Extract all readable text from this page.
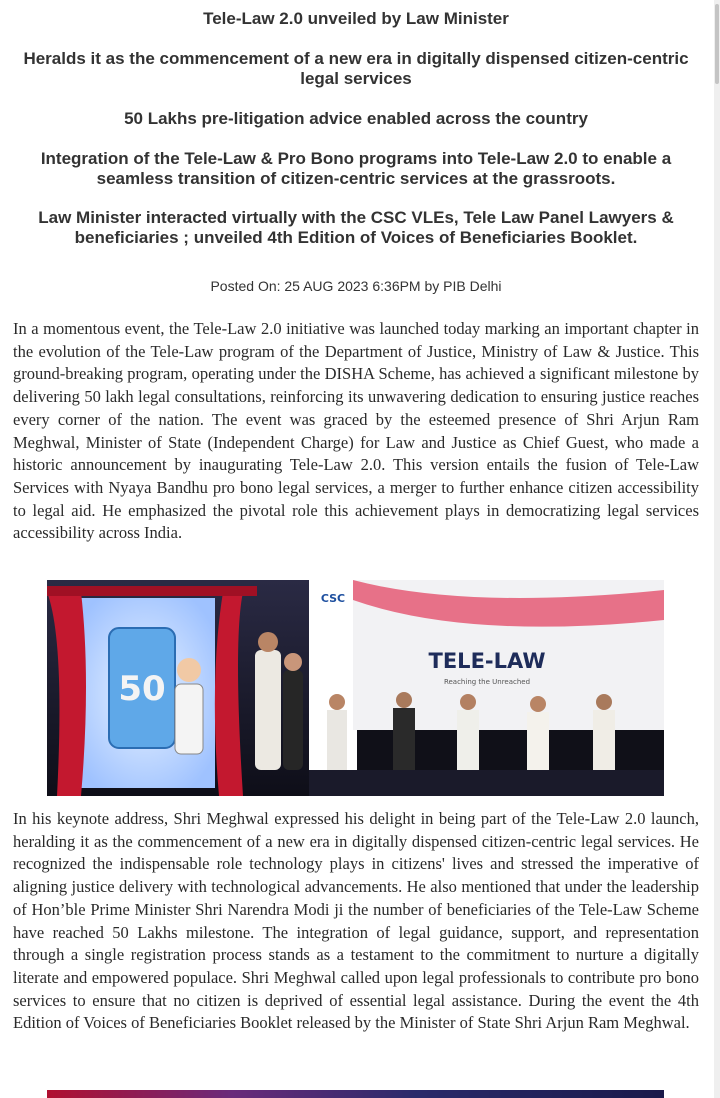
Tele-Law 2.0 unveiled by Law Minister
Heralds it as the commencement of a new era in digitally dispensed citizen-centric legal services
50 Lakhs pre-litigation advice enabled across the country
Integration of the Tele-Law & Pro Bono programs into Tele-Law 2.0 to enable a seamless transition of citizen-centric services at the grassroots.
Law Minister interacted virtually with the CSC VLEs, Tele Law Panel Lawyers & beneficiaries ; unveiled 4th Edition of Voices of Beneficiaries Booklet.
Posted On: 25 AUG 2023 6:36PM by PIB Delhi

In a momentous event, the Tele-Law 2.0 initiative was launched today marking an important chapter in the evolution of the Tele-Law program of the Department of Justice, Ministry of Law & Justice. This ground-breaking program, operating under the DISHA Scheme, has achieved a significant milestone by delivering 50 lakh legal consultations, reinforcing its unwavering dedication to ensuring justice reaches every corner of the nation. The event was graced by the esteemed presence of Shri Arjun Ram Meghwal, Minister of State (Independent Charge) for Law and Justice as Chief Guest, who made a historic announcement by inaugurating Tele-Law 2.0. This version entails the fusion of Tele-Law Services with Nyaya Bandhu pro bono legal services, a merger to further enhance citizen accessibility to legal aid. He emphasized the pivotal role this achievement plays in democratizing legal services accessibility across India.

50
CSC
TELE-LAW
Reaching the Unreached

In his keynote address, Shri Meghwal expressed his delight in being part of the Tele-Law 2.0 launch, heralding it as the commencement of a new era in digitally dispensed citizen-centric legal services. He recognized the indispensable role technology plays in citizens' lives and stressed the imperative of aligning justice delivery with technological advancements. He also mentioned that under the leadership of Hon’ble Prime Minister Shri Narendra Modi ji the number of beneficiaries of the Tele-Law Scheme have reached 50 Lakhs milestone. The integration of legal guidance, support, and representation through a single registration process stands as a testament to the commitment to nurture a digitally literate and empowered populace. Shri Meghwal called upon legal professionals to contribute pro bono services to ensure that no citizen is deprived of essential legal assistance. During the event the 4th Edition of Voices of Beneficiaries Booklet released by the Minister of State Shri Arjun Ram Meghwal.
